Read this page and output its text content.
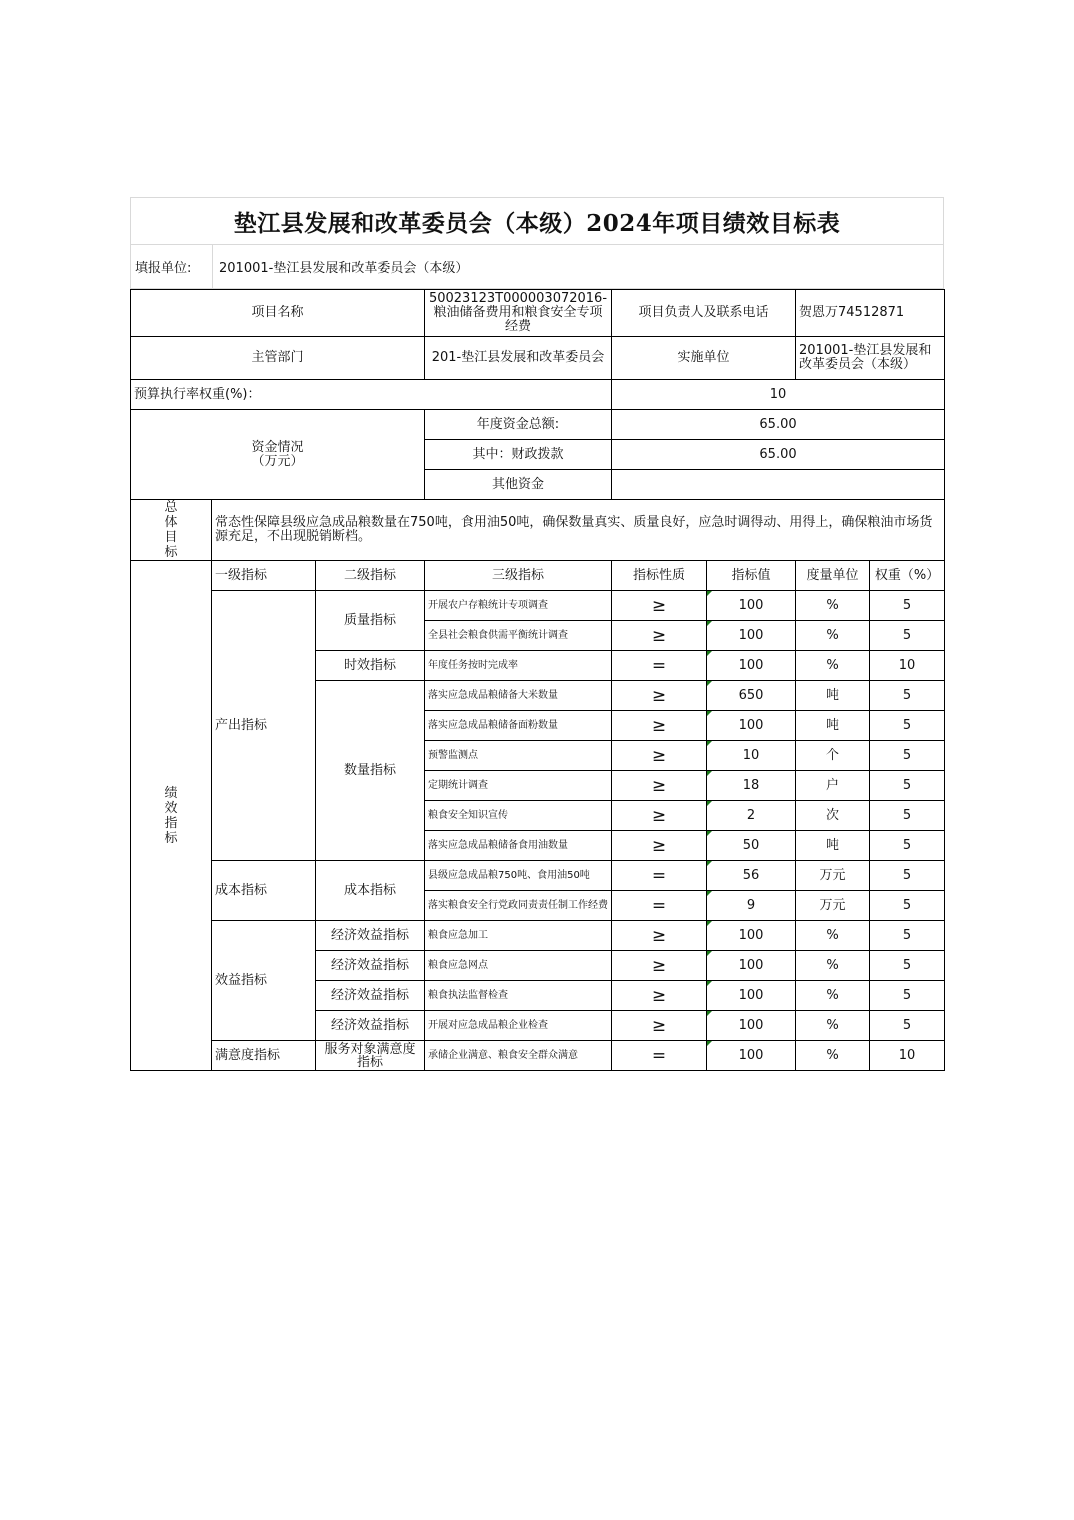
垫江县发展和改革委员会（本级）2024年项目绩效目标表
填报单位:	201001-垫江县发展和改革委员会（本级）
项目名称			50023123T000003072016-粮油储备费用和粮食安全专项经费	项目负责人及联系电话		贺恩万74512871	
主管部门			201-垫江县发展和改革委员会	实施单位		201001-垫江县发展和改革委员会（本级）	
预算执行率权重(%)：				10			
资金情况
（万元）			年度资金总额:	65.00			
			其中：财政拨款	65.00			
			其他资金				

总体目标	常态性保障县级应急成品粮数量在750吨，食用油50吨，确保数量真实、质量良好，应急时调得动、用得上，确保粮油市场货源充足，不出现脱销断档。						

绩效指标	一级指标	二级指标	三级指标	指标性质	指标值	度量单位	权重（%）
	产出指标	质量指标	开展农户存粮统计专项调查	≥	100	%	5
			全县社会粮食供需平衡统计调查	≥	100	%	5
		时效指标	年度任务按时完成率	=	100	%	10
		数量指标	落实应急成品粮储备大米数量	≥	650	吨	5
			落实应急成品粮储备面粉数量	≥	100	吨	5
			预警监测点	≥	10	个	5
			定期统计调查	≥	18	户	5
			粮食安全知识宣传	≥	2	次	5
			落实应急成品粮储备食用油数量	≥	50	吨	5
	成本指标	成本指标	县级应急成品粮750吨、食用油50吨	=	56	万元	5
			落实粮食安全行党政同责责任制工作经费	=	9	万元	5
	效益指标	经济效益指标	粮食应急加工	≥	100	%	5
		经济效益指标	粮食应急网点	≥	100	%	5
		经济效益指标	粮食执法监督检查	≥	100	%	5
		经济效益指标	开展对应急成品粮企业检查	≥	100	%	5
	满意度指标	服务对象满意度指标	承储企业满意、粮食安全群众满意	=	100	%	10
